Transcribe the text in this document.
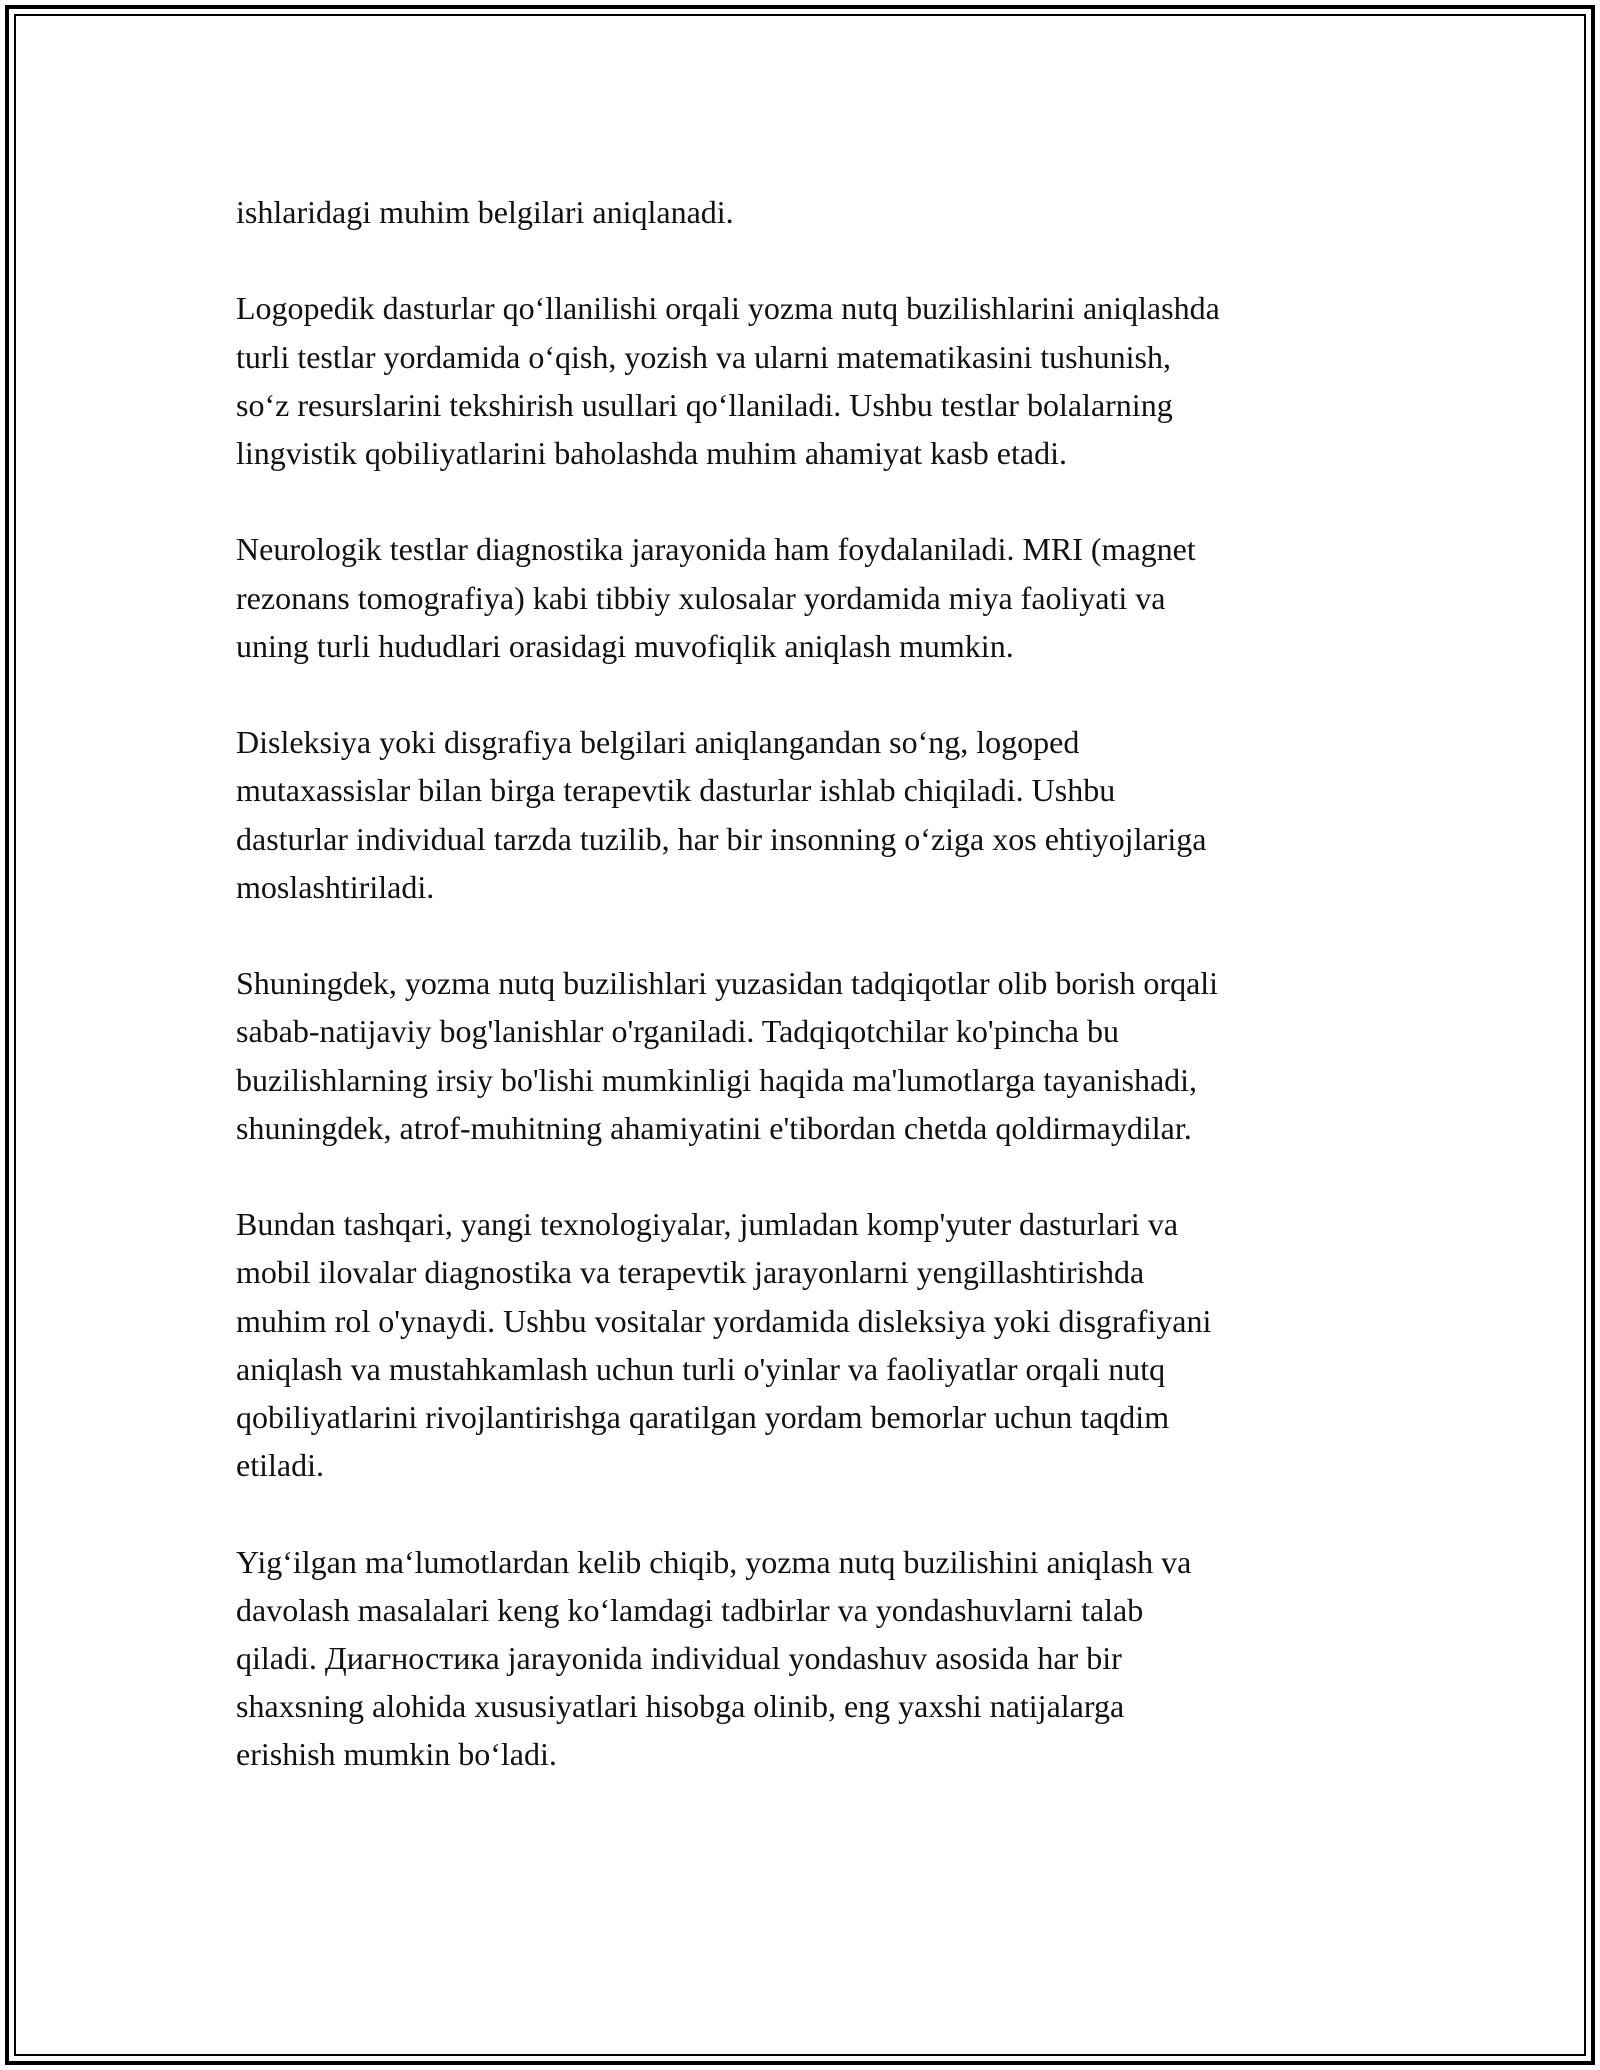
ishlaridagi muhim belgilari aniqlanadi.

Logopedik dasturlar qo‘llanilishi orqali yozma nutq buzilishlarini aniqlashda
turli testlar yordamida o‘qish, yozish va ularni matematikasini tushunish,
so‘z resurslarini tekshirish usullari qo‘llaniladi. Ushbu testlar bolalarning
lingvistik qobiliyatlarini baholashda muhim ahamiyat kasb etadi.

Neurologik testlar diagnostika jarayonida ham foydalaniladi. MRI (magnet
rezonans tomografiya) kabi tibbiy xulosalar yordamida miya faoliyati va
uning turli hududlari orasidagi muvofiqlik aniqlash mumkin.

Disleksiya yoki disgrafiya belgilari aniqlangandan so‘ng, logoped
mutaxassislar bilan birga terapevtik dasturlar ishlab chiqiladi. Ushbu
dasturlar individual tarzda tuzilib, har bir insonning o‘ziga xos ehtiyojlariga
moslashtiriladi.

Shuningdek, yozma nutq buzilishlari yuzasidan tadqiqotlar olib borish orqali
sabab-natijaviy bog'lanishlar o'rganiladi. Tadqiqotchilar ko'pincha bu
buzilishlarning irsiy bo'lishi mumkinligi haqida ma'lumotlarga tayanishadi,
shuningdek, atrof-muhitning ahamiyatini e'tibordan chetda qoldirmaydilar.

Bundan tashqari, yangi texnologiyalar, jumladan komp'yuter dasturlari va
mobil ilovalar diagnostika va terapevtik jarayonlarni yengillashtirishda
muhim rol o'ynaydi. Ushbu vositalar yordamida disleksiya yoki disgrafiyani
aniqlash va mustahkamlash uchun turli o'yinlar va faoliyatlar orqali nutq
qobiliyatlarini rivojlantirishga qaratilgan yordam bemorlar uchun taqdim
etiladi.

Yig‘ilgan ma‘lumotlardan kelib chiqib, yozma nutq buzilishini aniqlash va
davolash masalalari keng ko‘lamdagi tadbirlar va yondashuvlarni talab
qiladi. Диагностика jarayonida individual yondashuv asosida har bir
shaxsning alohida xususiyatlari hisobga olinib, eng yaxshi natijalarga
erishish mumkin bo‘ladi.
